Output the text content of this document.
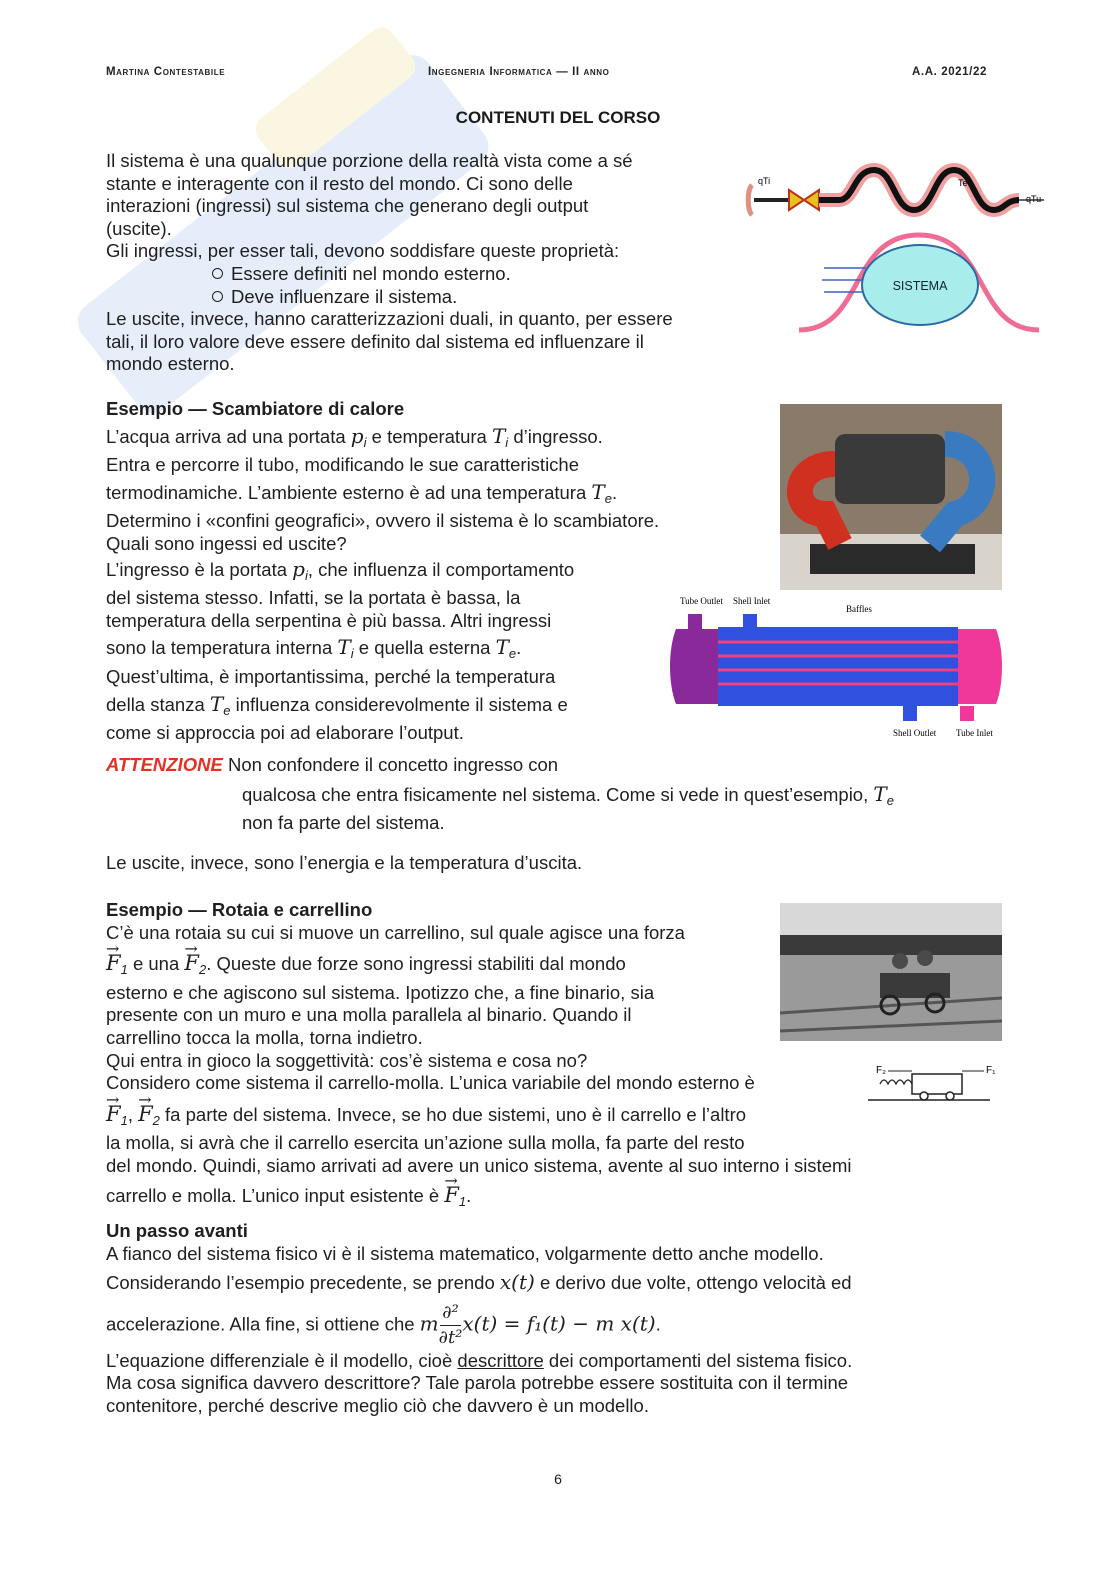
Martina Contestabile	Ingegneria Informatica — II anno	A.A. 2021/22
CONTENUTI DEL CORSO
Il sistema è una qualunque porzione della realtà vista come a sé
stante e interagente con il resto del mondo. Ci sono delle
interazioni (ingressi) sul sistema che generano degli output
(uscite).
Gli ingressi, per esser tali, devono soddisfare queste proprietà:
Essere definiti nel mondo esterno.
Deve influenzare il sistema.
Le uscite, invece, hanno caratterizzazioni duali, in quanto, per essere
tali, il loro valore deve essere definito dal sistema ed influenzare il
mondo esterno.
qTi	Te
qTu
SISTEMA
Esempio — Scambiatore di calore
L’acqua arriva ad una portata $p_i$ e temperatura $T_i$ d’ingresso.
Entra e percorre il tubo, modificando le sue caratteristiche
termodinamiche. L’ambiente esterno è ad una temperatura $T_e$.
Determino i «confini geografici», ovvero il sistema è lo scambiatore.
Quali sono ingessi ed uscite?
L’ingresso è la portata $p_i$, che influenza il comportamento
del sistema stesso. Infatti, se la portata è bassa, la
temperatura della serpentina è più bassa. Altri ingressi
sono la temperatura interna $T_i$ e quella esterna $T_e$.
Quest’ultima, è importantissima, perché la temperatura
della stanza $T_e$ influenza considerevolmente il sistema e
come si approccia poi ad elaborare l’output.
Tube Outlet Shell Inlet
Baffles
Shell Outlet Tube Inlet
ATTENZIONE Non confondere il concetto ingresso con
qualcosa che entra fisicamente nel sistema. Come si vede in quest’esempio, $T_e$
non fa parte del sistema.
Le uscite, invece, sono l’energia e la temperatura d’uscita.
Esempio — Rotaia e carrellino
C’è una rotaia su cui si muove un carrellino, sul quale agisce una forza
→ $F_1$ e una → $F_2$. Queste due forze sono ingressi stabiliti dal mondo
esterno e che agiscono sul sistema. Ipotizzo che, a fine binario, sia
presente con un muro e una molla parallela al binario. Quando il
carrellino tocca la molla, torna indietro.
Qui entra in gioco la soggettività: cos’è sistema e cosa no?
Considero come sistema il carrello-molla. L’unica variabile del mondo esterno è
→ $F_1$, → $F_2$ fa parte del sistema. Invece, se ho due sistemi, uno è il carrello e l’altro
la molla, si avrà che il carrello esercita un’azione sulla molla, fa parte del resto
del mondo. Quindi, siamo arrivati ad avere un unico sistema, avente al suo interno i sistemi
carrello e molla. L’unico input esistente è → $F_1$.
F₂	F₁
Un passo avanti
A fianco del sistema fisico vi è il sistema matematico, volgarmente detto anche modello.
Considerando l’esempio precedente, se prendo x(t) e derivo due volte, ottengo velocità ed
accelerazione. Alla fine, si ottiene che m ∂²
∂t²
x(t) = f₁(t) − m x(t).
L’equazione differenziale è il modello, cioè descrittore dei comportamenti del sistema fisico.
Ma cosa significa davvero descrittore? Tale parola potrebbe essere sostituita con il termine
contenitore, perché descrive meglio ciò che davvero è un modello.
6
